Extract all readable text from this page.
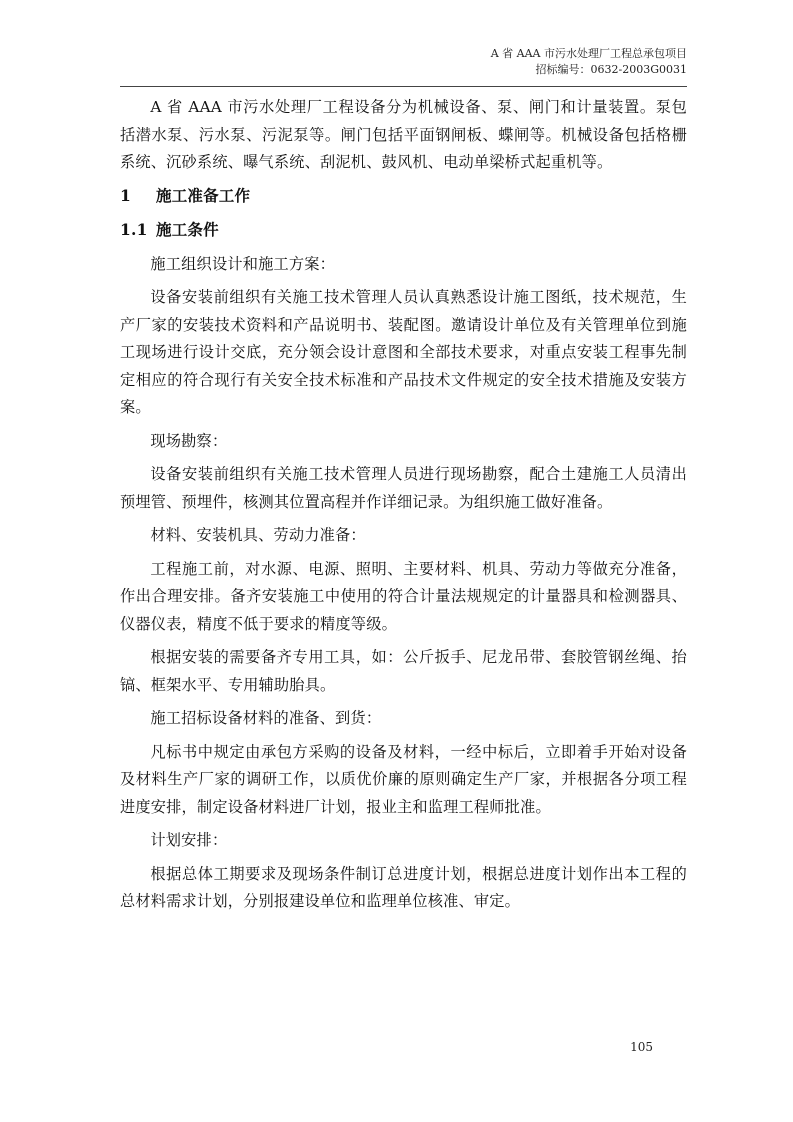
A 省 AAA 市污水处理厂工程总承包项目
招标编号：0632-2003G0031

A 省 AAA 市污水处理厂工程设备分为机械设备、泵、闸门和计量装置。泵包括潜水泵、污水泵、污泥泵等。闸门包括平面钢闸板、蝶闸等。机械设备包括格栅系统、沉砂系统、曝气系统、刮泥机、鼓风机、电动单梁桥式起重机等。

1 施工准备工作
1.1 施工条件

施工组织设计和施工方案：

设备安装前组织有关施工技术管理人员认真熟悉设计施工图纸，技术规范，生产厂家的安装技术资料和产品说明书、装配图。邀请设计单位及有关管理单位到施工现场进行设计交底，充分领会设计意图和全部技术要求，对重点安装工程事先制定相应的符合现行有关安全技术标准和产品技术文件规定的安全技术措施及安装方案。

现场勘察：

设备安装前组织有关施工技术管理人员进行现场勘察，配合土建施工人员清出预埋管、预埋件，核测其位置高程并作详细记录。为组织施工做好准备。

材料、安装机具、劳动力准备：

工程施工前，对水源、电源、照明、主要材料、机具、劳动力等做充分准备，作出合理安排。备齐安装施工中使用的符合计量法规规定的计量器具和检测器具、仪器仪表，精度不低于要求的精度等级。

根据安装的需要备齐专用工具，如：公斤扳手、尼龙吊带、套胶管钢丝绳、抬镐、框架水平、专用辅助胎具。

施工招标设备材料的准备、到货：

凡标书中规定由承包方采购的设备及材料，一经中标后，立即着手开始对设备及材料生产厂家的调研工作，以质优价廉的原则确定生产厂家，并根据各分项工程进度安排，制定设备材料进厂计划，报业主和监理工程师批准。

计划安排：

根据总体工期要求及现场条件制订总进度计划，根据总进度计划作出本工程的总材料需求计划，分别报建设单位和监理单位核准、审定。

105
